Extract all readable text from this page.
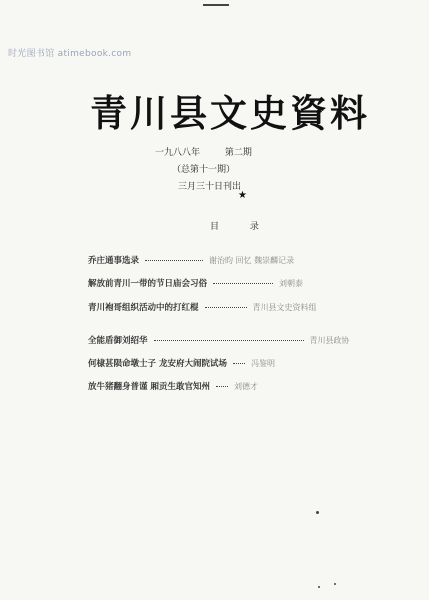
时光图书馆 atimebook.com
青川县文史資料
一九八八年	第二期
（总第十一期）
三月三十日刊出
★
目 录
乔庄通事选录	谢治昀 回忆 魏崇麟记录
解放前青川一带的节日庙会习俗	刘朝泰
青川袍哥组织活动中的打红棍	青川县文史资料组
全能盾御刘绍华	青川县政协
何棣甚陨命墩士子 龙安府大闹院试场	冯鉴明
放牛猪翻身普谨 厢贡生敢官知州	刘德才
